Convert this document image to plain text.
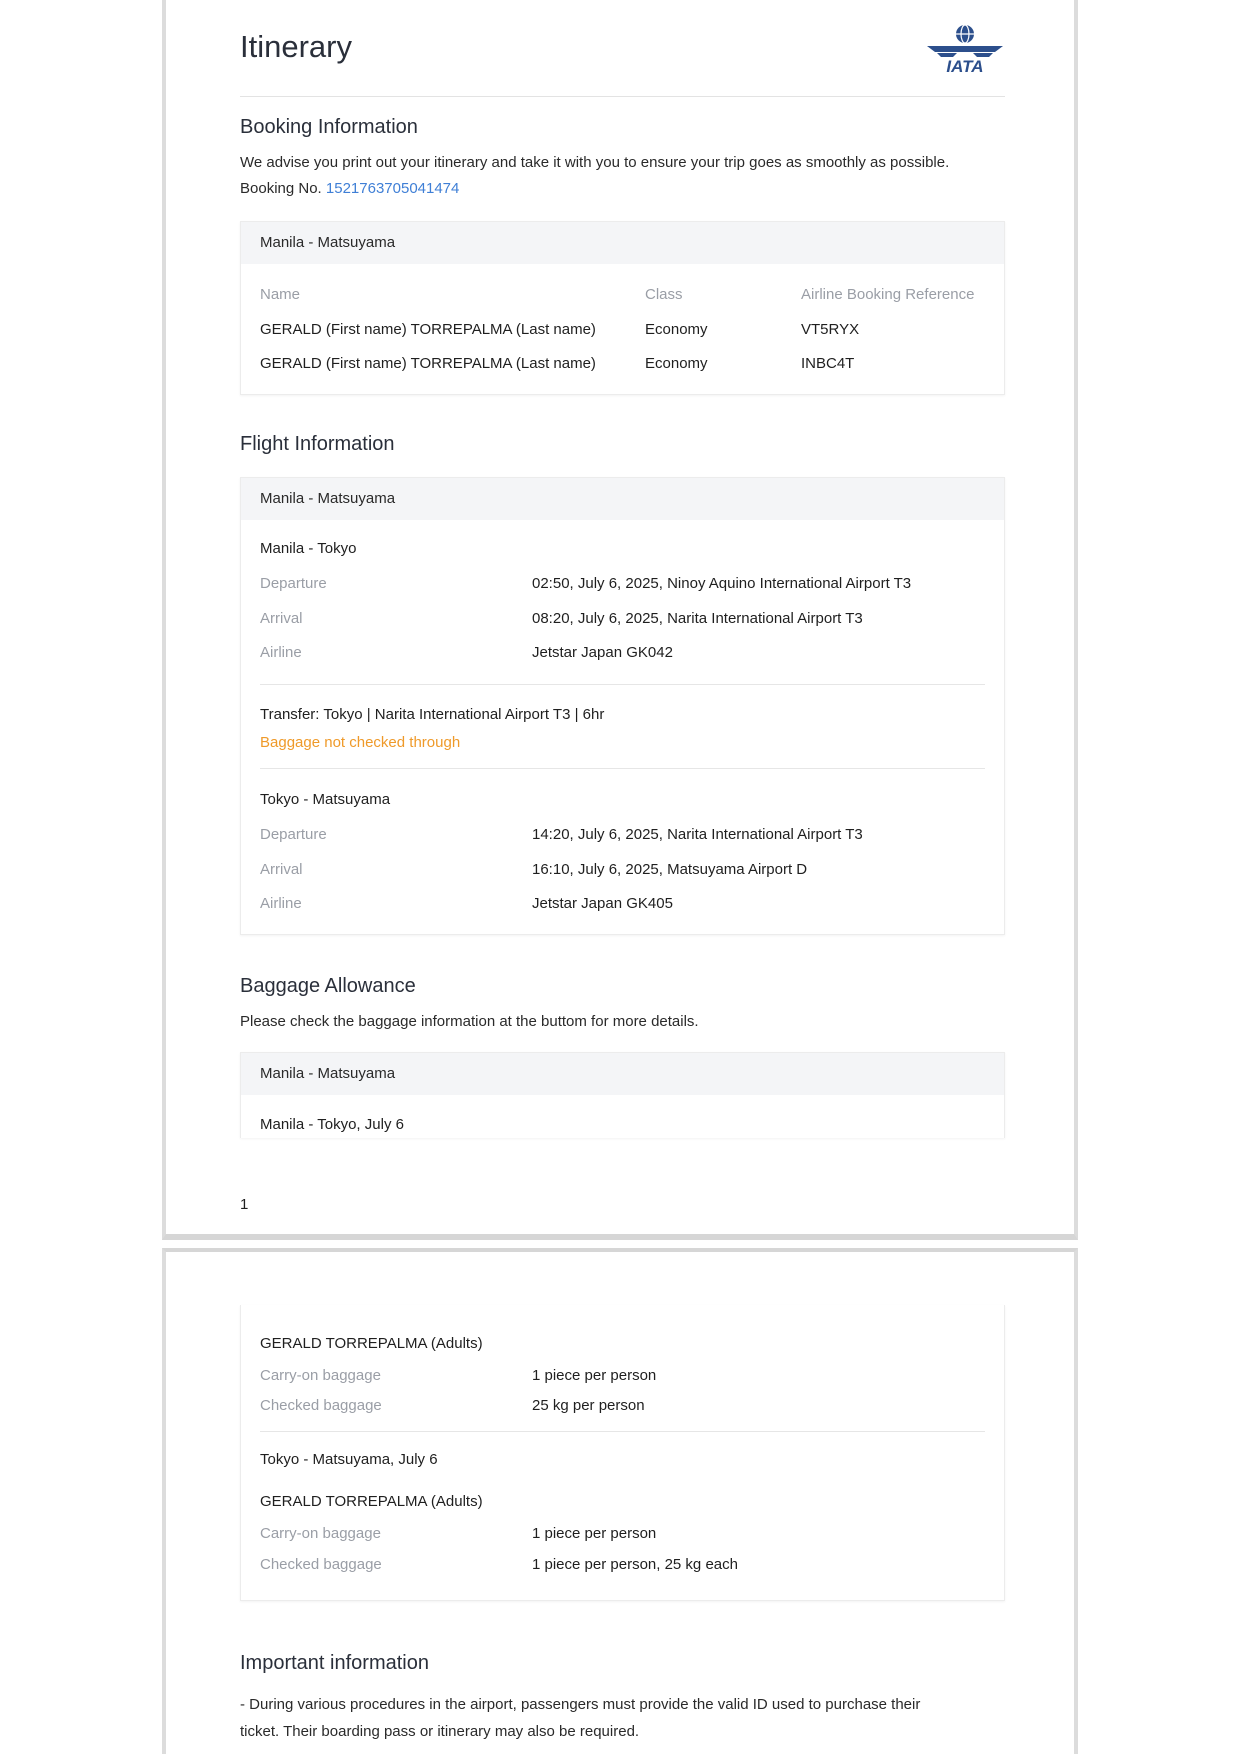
Itinerary
IATA
Booking Information
We advise you print out your itinerary and take it with you to ensure your trip goes as smoothly as possible.
Booking No. 1521763705041474
Manila - Matsuyama
Name	Class	Airline Booking Reference
GERALD (First name) TORREPALMA (Last name)	Economy	VT5RYX
GERALD (First name) TORREPALMA (Last name)	Economy	INBC4T
Flight Information
Manila - Matsuyama
Manila - Tokyo
Departure	02:50, July 6, 2025, Ninoy Aquino International Airport T3
Arrival	08:20, July 6, 2025, Narita International Airport T3
Airline	Jetstar Japan GK042
Transfer: Tokyo | Narita International Airport T3 | 6hr
Baggage not checked through
Tokyo - Matsuyama
Departure	14:20, July 6, 2025, Narita International Airport T3
Arrival	16:10, July 6, 2025, Matsuyama Airport D
Airline	Jetstar Japan GK405
Baggage Allowance
Please check the baggage information at the buttom for more details.
Manila - Matsuyama
Manila - Tokyo, July 6
1
GERALD TORREPALMA (Adults)
Carry-on baggage	1 piece per person
Checked baggage	25 kg per person
Tokyo - Matsuyama, July 6
GERALD TORREPALMA (Adults)
Carry-on baggage	1 piece per person
Checked baggage	1 piece per person, 25 kg each
Important information
- During various procedures in the airport, passengers must provide the valid ID used to purchase their
ticket. Their boarding pass or itinerary may also be required.
